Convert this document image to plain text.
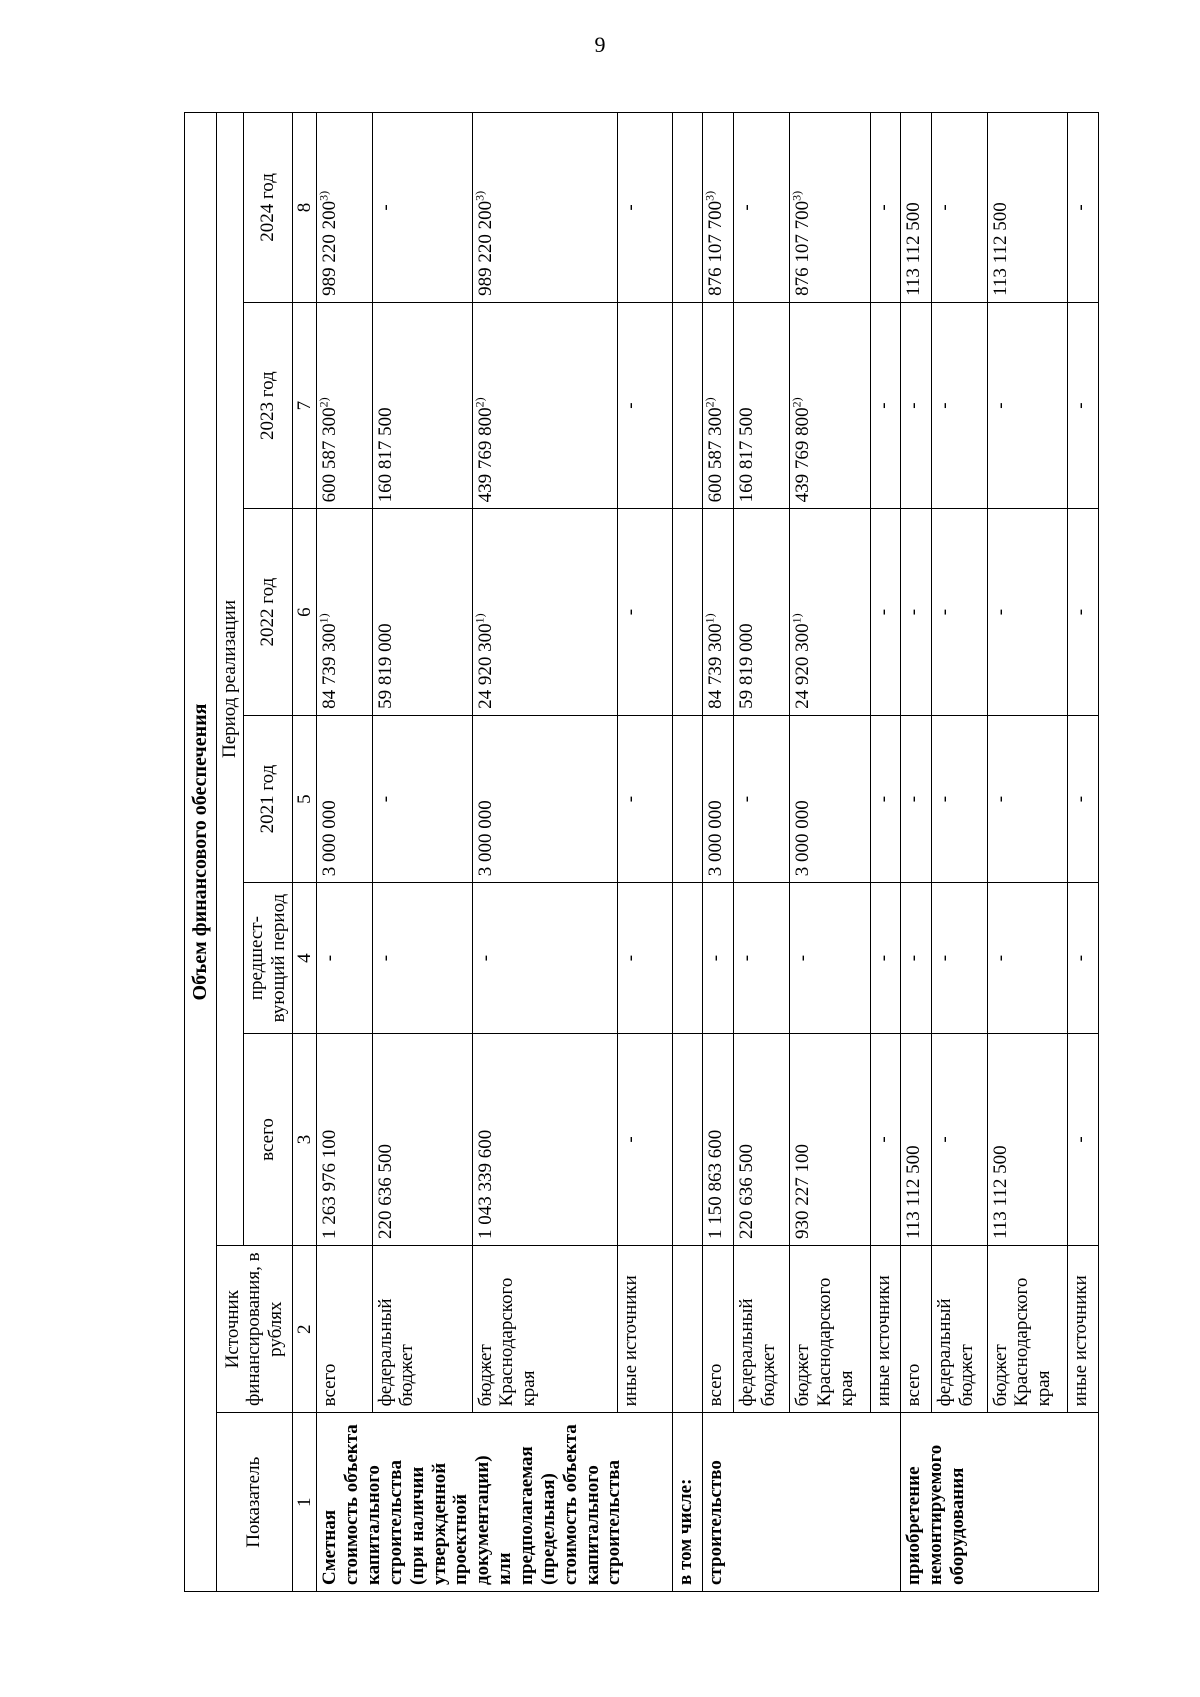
9
Объем финансового обеспечения							
Показатель	Источник финансирования, в рублях	Период реализации					
		всего	предшест-вующий период	2021 год	2022 год	2023 год	2024 год
1	2	3	4	5	6	7	8
Сметная стоимость объекта капитального строительства (при наличии утвержденной проектной документации) или предполагаемая (предельная) стоимость объекта капитального строительства	всего	1 263 976 100	-	3 000 000	84 739 300$^{1)}$	600 587 300$^{2)}$	989 220 200$^{3)}$
	федеральный бюджет	220 636 500	-	-	59 819 000	160 817 500	-
	бюджет Краснодарского края	1 043 339 600	-	3 000 000	24 920 300$^{1)}$	439 769 800$^{2)}$	989 220 200$^{3)}$
	иные источники	-	-	-	-	-	-
в том числе:							
строительство	всего	1 150 863 600	-	3 000 000	84 739 300$^{1)}$	600 587 300$^{2)}$	876 107 700$^{3)}$
	федеральный бюджет	220 636 500	-	-	59 819 000	160 817 500	-
	бюджет Краснодарского края	930 227 100	-	3 000 000	24 920 300$^{1)}$	439 769 800$^{2)}$	876 107 700$^{3)}$
	иные источники	-	-	-	-	-	-
приобретение немонтируемого оборудования	всего	113 112 500	-	-	-	-	113 112 500
	федеральный бюджет	-	-	-	-	-	-
	бюджет Краснодарского края	113 112 500	-	-	-	-	113 112 500
	иные источники	-	-	-	-	-	-
